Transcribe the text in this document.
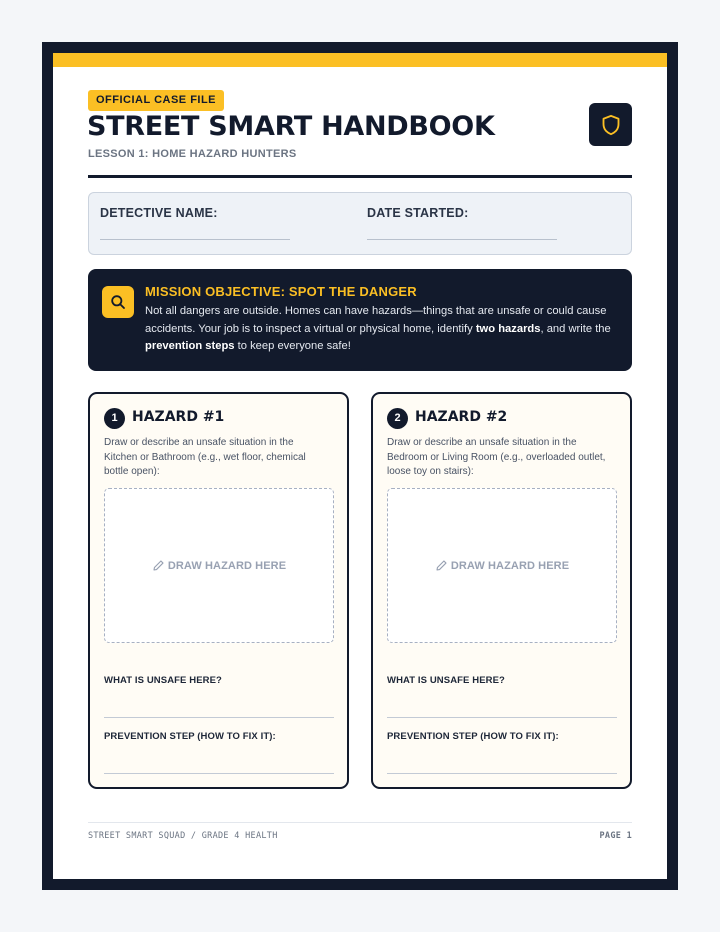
OFFICIAL CASE FILE
STREET SMART HANDBOOK
LESSON 1: HOME HAZARD HUNTERS
DETECTIVE NAME:	DATE STARTED:
MISSION OBJECTIVE: SPOT THE DANGER
Not all dangers are outside. Homes can have hazards—things that are unsafe or could cause accidents. Your job is to inspect a virtual or physical home, identify two hazards, and write the prevention steps to keep everyone safe!
1	HAZARD #1
Draw or describe an unsafe situation in the Kitchen or Bathroom (e.g., wet floor, chemical bottle open):
DRAW HAZARD HERE
WHAT IS UNSAFE HERE?
PREVENTION STEP (HOW TO FIX IT):
2	HAZARD #2
Draw or describe an unsafe situation in the Bedroom or Living Room (e.g., overloaded outlet, loose toy on stairs):
DRAW HAZARD HERE
WHAT IS UNSAFE HERE?
PREVENTION STEP (HOW TO FIX IT):
STREET SMART SQUAD / GRADE 4 HEALTH	PAGE 1
